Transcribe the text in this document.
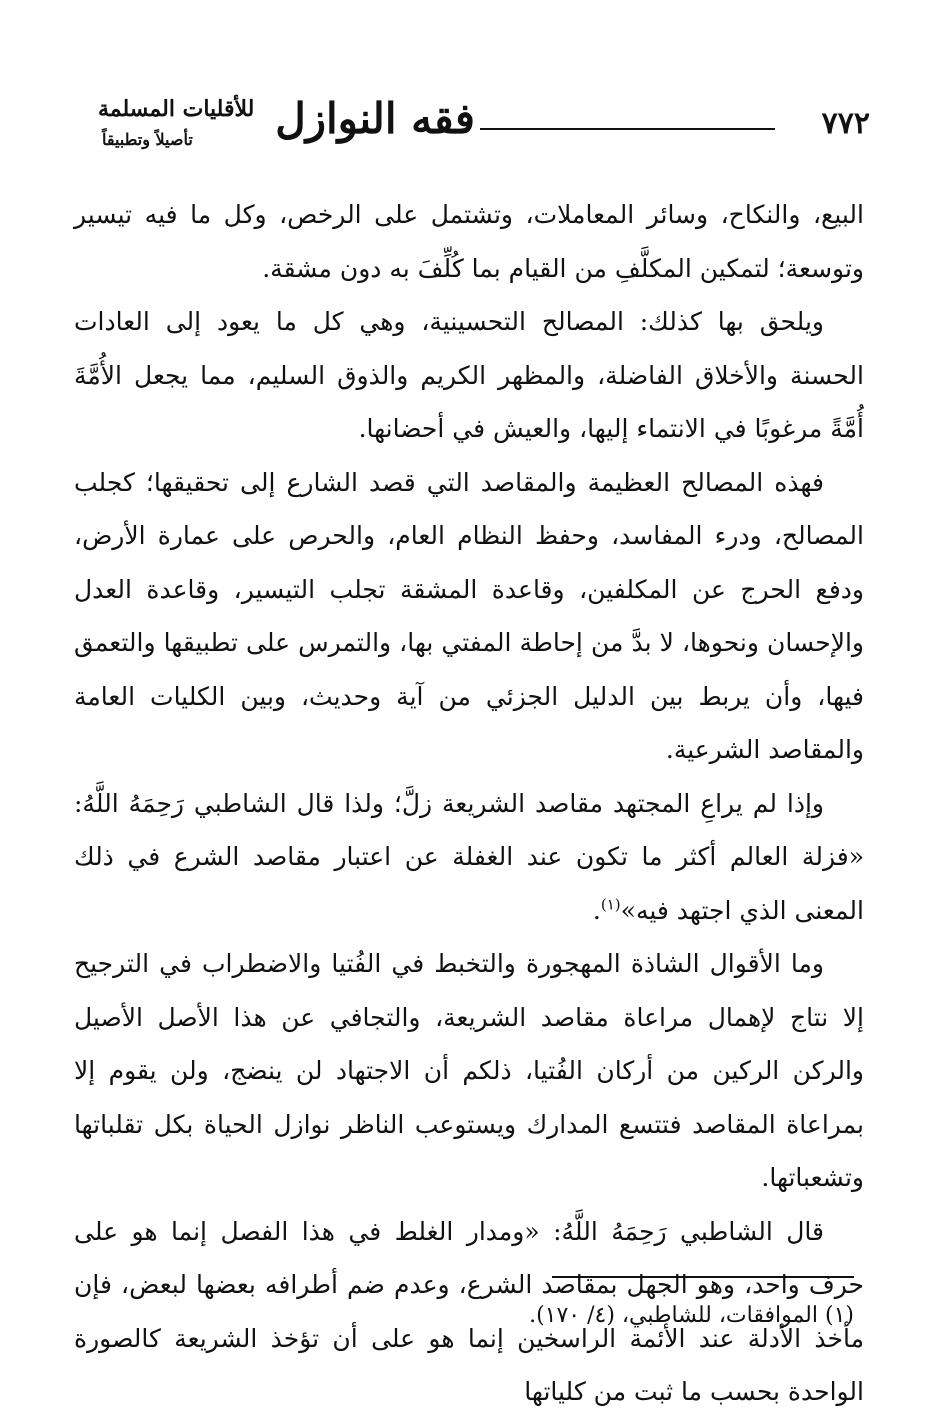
٧٧٢
فقه النوازل
للأقليات المسلمة
تأصيلاً وتطبيقاً

البيع، والنكاح، وسائر المعاملات، وتشتمل على الرخص، وكل ما فيه تيسير وتوسعة؛ لتمكين المكلَّفِ من القيام بما كُلِّفَ به دون مشقة.

ويلحق بها كذلك: المصالح التحسينية، وهي كل ما يعود إلى العادات الحسنة والأخلاق الفاضلة، والمظهر الكريم والذوق السليم، مما يجعل الأُمَّةَ أُمَّةً مرغوبًا في الانتماء إليها، والعيش في أحضانها.

فهذه المصالح العظيمة والمقاصد التي قصد الشارع إلى تحقيقها؛ كجلب المصالح، ودرء المفاسد، وحفظ النظام العام، والحرص على عمارة الأرض، ودفع الحرج عن المكلفين، وقاعدة المشقة تجلب التيسير، وقاعدة العدل والإحسان ونحوها، لا بدَّ من إحاطة المفتي بها، والتمرس على تطبيقها والتعمق فيها، وأن يربط بين الدليل الجزئي من آية وحديث، وبين الكليات العامة والمقاصد الشرعية.

وإذا لم يراعِ المجتهد مقاصد الشريعة زلَّ؛ ولذا قال الشاطبي رَحِمَهُ اللَّهُ: «فزلة العالم أكثر ما تكون عند الغفلة عن اعتبار مقاصد الشرع في ذلك المعنى الذي اجتهد فيه»$^{(١)}$.

وما الأقوال الشاذة المهجورة والتخبط في الفُتيا والاضطراب في الترجيح إلا نتاج لإهمال مراعاة مقاصد الشريعة، والتجافي عن هذا الأصل الأصيل والركن الركين من أركان الفُتيا، ذلكم أن الاجتهاد لن ينضج، ولن يقوم إلا بمراعاة المقاصد فتتسع المدارك ويستوعب الناظر نوازل الحياة بكل تقلباتها وتشعباتها.

قال الشاطبي رَحِمَهُ اللَّهُ: «ومدار الغلط في هذا الفصل إنما هو على حرف واحد، وهو الجهل بمقاصد الشرع، وعدم ضم أطرافه بعضها لبعض، فإن مأخذ الأدلة عند الأئمة الراسخين إنما هو على أن تؤخذ الشريعة كالصورة الواحدة بحسب ما ثبت من كلياتها

(١) الموافقات، للشاطبي، (٤/ ١٧٠).
